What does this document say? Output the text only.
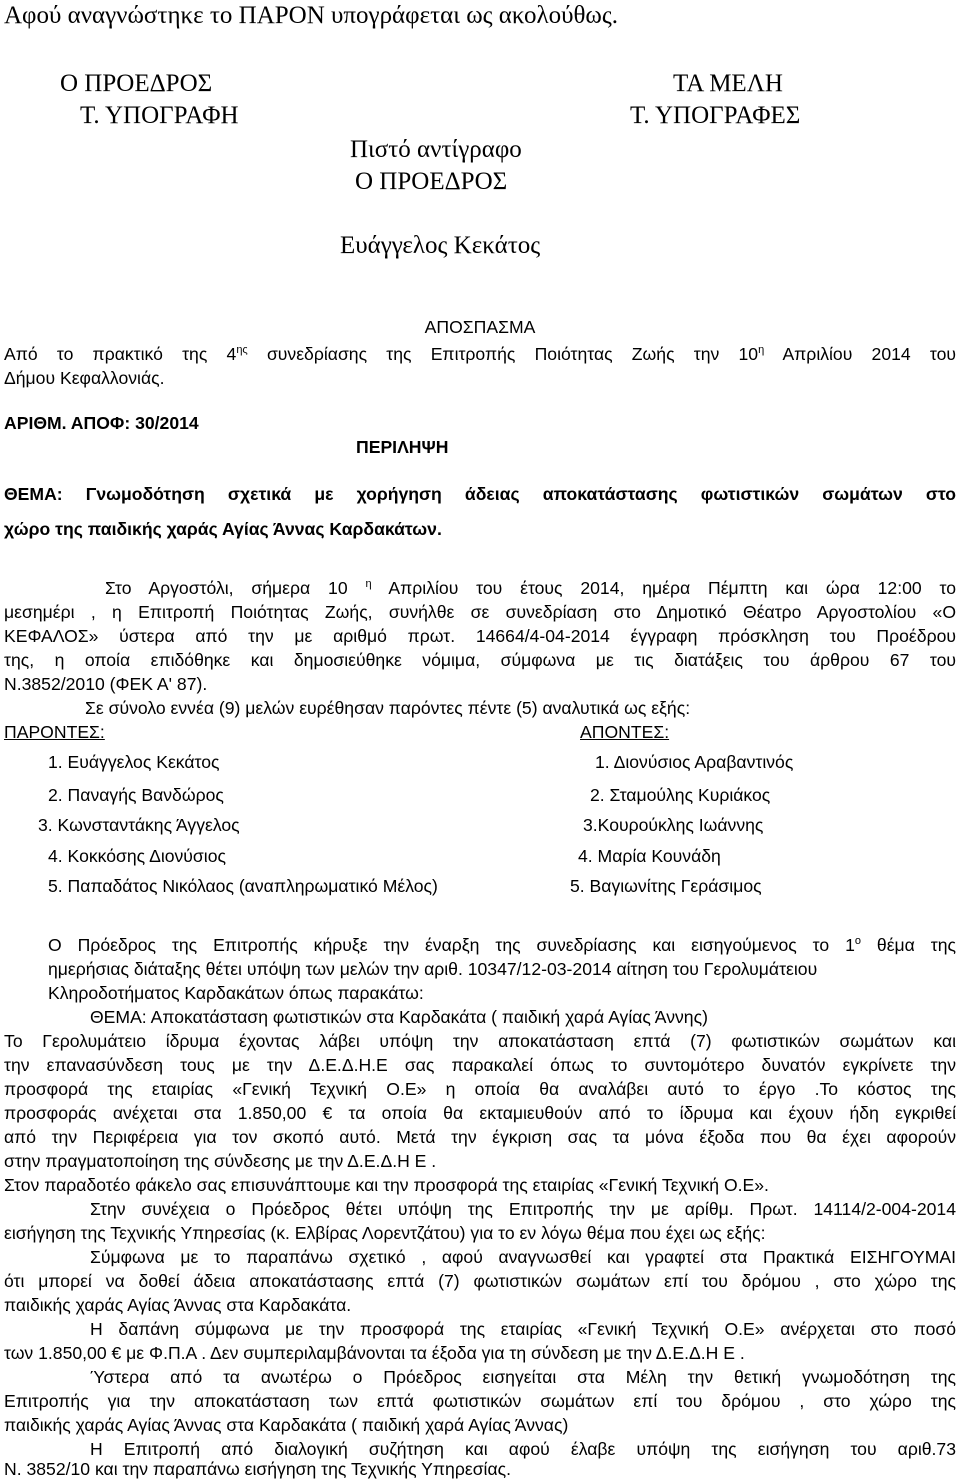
Αφού αναγνώστηκε το ΠΑΡΟΝ υπογράφεται ως ακολούθως.
Ο ΠΡΟΕΔΡΟΣ
Τ. ΥΠΟΓΡΑΦΗ
ΤΑ ΜΕΛΗ
Τ. ΥΠΟΓΡΑΦΕΣ
Πιστό αντίγραφο
Ο ΠΡΟΕΔΡΟΣ
Ευάγγελος Κεκάτος
ΑΠΟΣΠΑΣΜΑ
Από το πρακτικό της $4^{\eta\varsigma}$ συνεδρίασης της Επιτροπής Ποιότητας Ζωής την $10^\eta$ Απριλίου 2014 του
Δήμου Κεφαλλονιάς.
ΑΡΙΘΜ. ΑΠΟΦ: 30/2014
ΠΕΡΙΛΗΨΗ
ΘΕΜΑ: Γνωμοδότηση σχετικά με χορήγηση άδειας αποκατάστασης φωτιστικών σωμάτων στο
χώρο της παιδικής χαράς Αγίας Άννας Καρδακάτων.
Στο Αργοστόλι, σήμερα 10 $^\eta$ Απριλίου του έτους 2014, ημέρα Πέμπτη και ώρα 12:00 το
μεσημέρι , η Επιτροπή Ποιότητας Ζωής, συνήλθε σε συνεδρίαση στο Δημοτικό Θέατρο Αργοστολίου «Ο
ΚΕΦΑΛΟΣ» ύστερα από την με αριθμό πρωτ. 14664/4-04-2014 έγγραφη πρόσκληση του Προέδρου
της, η οποία επιδόθηκε και δημοσιεύθηκε νόμιμα, σύμφωνα με τις διατάξεις του άρθρου 67 του
Ν.3852/2010 (ΦΕΚ Α' 87).
Σε σύνολο εννέα (9) μελών ευρέθησαν παρόντες πέντε (5) αναλυτικά ως εξής:
ΠΑΡΟΝΤΕΣ:	ΑΠΟΝΤΕΣ:
1. Ευάγγελος Κεκάτος
2. Παναγής Βανδώρος
3. Κωνσταντάκης Άγγελος
4. Κοκκόσης Διονύσιος
5. Παπαδάτος Νικόλαος (αναπληρωματικό Μέλος)
1. Διονύσιος Αραβαντινός
2. Σταμούλης Κυριάκος
3.Κουρούκλης Ιωάννης
4. Μαρία Κουνάδη
5. Βαγιωνίτης Γεράσιμος
Ο Πρόεδρος της Επιτροπής κήρυξε την έναρξη της συνεδρίασης και εισηγούμενος το $1^o$ θέμα της
ημερήσιας διάταξης θέτει υπόψη των μελών την αριθ. 10347/12-03-2014 αίτηση του Γερολυμάτειου
Κληροδοτήματος Καρδακάτων όπως παρακάτω:
ΘΕΜΑ: Αποκατάσταση φωτιστικών στα Καρδακάτα ( παιδική χαρά Αγίας Άννης)
Το Γερολυμάτειο ίδρυμα έχοντας λάβει υπόψη την αποκατάσταση επτά (7) φωτιστικών σωμάτων και
την επανασύνδεση τους με την Δ.Ε.Δ.Η.Ε σας παρακαλεί όπως το συντομότερο δυνατόν εγκρίνετε την
προσφορά της εταιρίας «Γενική Τεχνική Ο.Ε» η οποία θα αναλάβει αυτό το έργο .Το κόστος της
προσφοράς ανέχεται στα 1.850,00 € τα οποία θα εκταμιευθούν από το ίδρυμα και έχουν ήδη εγκριθεί
από την Περιφέρεια για τον σκοπό αυτό. Μετά την έγκριση σας τα μόνα έξοδα που θα έχει αφορούν
στην πραγματοποίηση της σύνδεσης με την Δ.Ε.Δ.Η Ε .
Στον παραδοτέο φάκελο σας επισυνάπτουμε και την προσφορά της εταιρίας «Γενική Τεχνική Ο.Ε».
Στην συνέχεια ο Πρόεδρος θέτει υπόψη της Επιτροπής την με αρίθμ. Πρωτ. 14114/2-004-2014
εισήγηση της Τεχνικής Υπηρεσίας (κ. Ελβίρας Λορεντζάτου) για το εν λόγω θέμα που έχει ως εξής:
Σύμφωνα με το παραπάνω σχετικό , αφού αναγνωσθεί και γραφτεί στα Πρακτικά ΕΙΣΗΓΟΥΜΑΙ
ότι μπορεί να δοθεί άδεια αποκατάστασης επτά (7) φωτιστικών σωμάτων επί του δρόμου , στο χώρο της
παιδικής χαράς Αγίας Άννας στα Καρδακάτα.
Η δαπάνη σύμφωνα με την προσφορά της εταιρίας «Γενική Τεχνική Ο.Ε» ανέρχεται στο ποσό
των 1.850,00 € με Φ.Π.Α . Δεν συμπεριλαμβάνονται τα έξοδα για τη σύνδεση με την Δ.Ε.Δ.Η Ε .
Ύστερα από τα ανωτέρω ο Πρόεδρος εισηγείται στα Μέλη την θετική γνωμοδότηση της
Επιτροπής για την αποκατάσταση των επτά φωτιστικών σωμάτων επί του δρόμου , στο χώρο της
παιδικής χαράς Αγίας Άννας στα Καρδακάτα ( παιδική χαρά Αγίας Άννας)
Η Επιτροπή από διαλογική συζήτηση και αφού έλαβε υπόψη της εισήγηση του αριθ.73
Ν. 3852/10 και την παραπάνω εισήγηση της Τεχνικής Υπηρεσίας.
